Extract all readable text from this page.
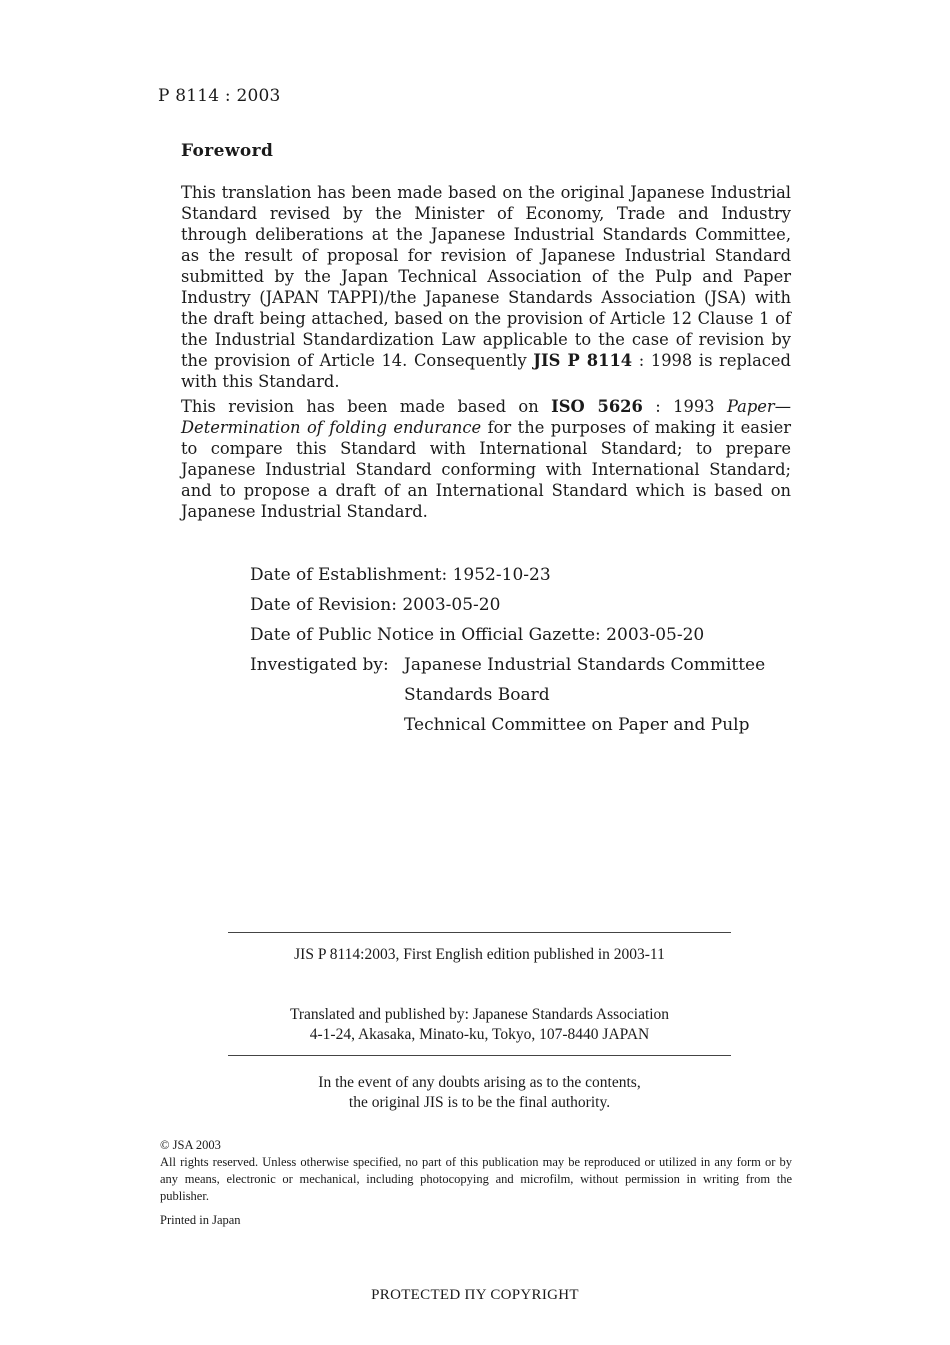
P 8114 : 2003
Foreword
This translation has been made based on the original Japanese Industrial Standard revised by the Minister of Economy, Trade and Industry through deliberations at the Japanese Industrial Standards Committee, as the result of proposal for revision of Japanese Industrial Standard submitted by the Japan Technical Association of the Pulp and Paper Industry (JAPAN TAPPI)/the Japanese Standards Association (JSA) with the draft being attached, based on the provision of Article 12 Clause 1 of the Industrial Standardization Law applicable to the case of revision by the provision of Article 14. Consequently JIS P 8114 : 1998 is replaced with this Standard.
This revision has been made based on ISO 5626 : 1993 Paper—Determination of folding endurance for the purposes of making it easier to compare this Standard with International Standard; to prepare Japanese Industrial Standard conforming with International Standard; and to propose a draft of an International Standard which is based on Japanese Industrial Standard.
Date of Establishment: 1952-10-23
Date of Revision: 2003-05-20
Date of Public Notice in Official Gazette: 2003-05-20
Investigated by: Japanese Industrial Standards Committee
Standards Board
Technical Committee on Paper and Pulp
JIS P 8114:2003, First English edition published in 2003-11
Translated and published by: Japanese Standards Association
4-1-24, Akasaka, Minato-ku, Tokyo, 107-8440 JAPAN
In the event of any doubts arising as to the contents,
the original JIS is to be the final authority.
© JSA 2003
All rights reserved. Unless otherwise specified, no part of this publication may be reproduced or utilized in any form or by any means, electronic or mechanical, including photocopying and microfilm, without permission in writing from the publisher.
Printed in Japan
PROTECTED ΠY COPYRIGHT
